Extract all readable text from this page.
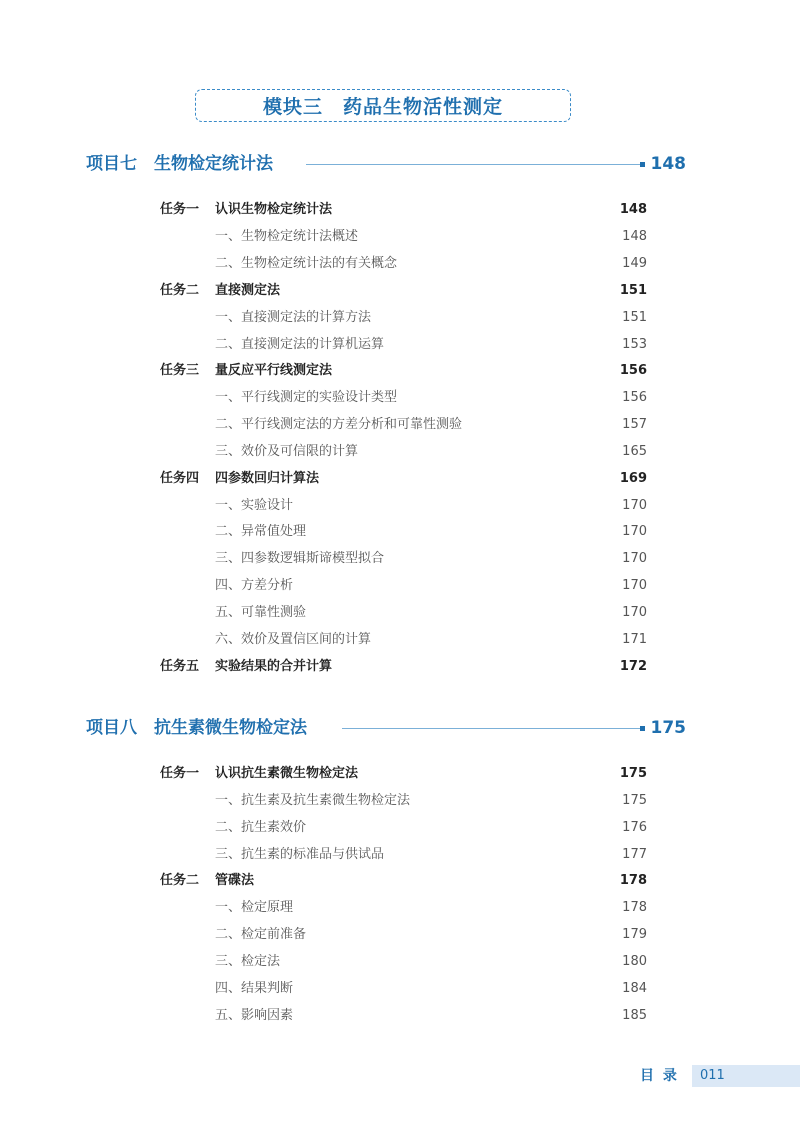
模块三　药品生物活性测定
项目七　生物检定统计法	148
任务一 认识生物检定统计法	148
一、生物检定统计法概述	148
二、生物检定统计法的有关概念	149
任务二 直接测定法	151
一、直接测定法的计算方法	151
二、直接测定法的计算机运算	153
任务三 量反应平行线测定法	156
一、平行线测定的实验设计类型	156
二、平行线测定法的方差分析和可靠性测验	157
三、效价及可信限的计算	165
任务四 四参数回归计算法	169
一、实验设计	170
二、异常值处理	170
三、四参数逻辑斯谛模型拟合	170
四、方差分析	170
五、可靠性测验	170
六、效价及置信区间的计算	171
任务五 实验结果的合并计算	172
项目八　抗生素微生物检定法	175
任务一 认识抗生素微生物检定法	175
一、抗生素及抗生素微生物检定法	175
二、抗生素效价	176
三、抗生素的标准品与供试品	177
任务二 管碟法	178
一、检定原理	178
二、检定前准备	179
三、检定法	180
四、结果判断	184
五、影响因素	185
目 录 011
